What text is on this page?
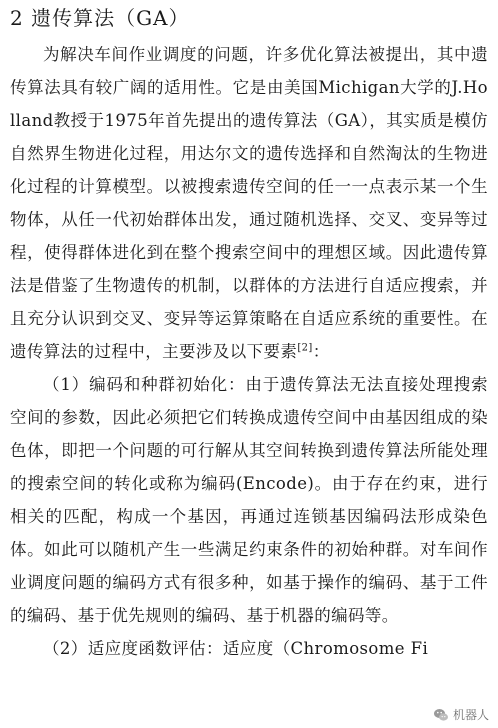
2 遗传算法（GA）

为解决车间作业调度的问题，许多优化算法被提出，其中遗传算法具有较广阔的适用性。它是由美国Michigan大学的J.Holland教授于1975年首先提出的遗传算法（GA），其实质是模仿自然界生物进化过程，用达尔文的遗传选择和自然淘汰的生物进化过程的计算模型。以被搜索遗传空间的任一一点表示某一个生物体，从任一代初始群体出发，通过随机选择、交叉、变异等过程，使得群体进化到在整个搜索空间中的理想区域。因此遗传算法是借鉴了生物遗传的机制，以群体的方法进行自适应搜索，并且充分认识到交叉、变异等运算策略在自适应系统的重要性。在遗传算法的过程中，主要涉及以下要素[2]：

（1）编码和种群初始化：由于遗传算法无法直接处理搜索空间的参数，因此必须把它们转换成遗传空间中由基因组成的染色体，即把一个问题的可行解从其空间转换到遗传算法所能处理的搜索空间的转化或称为编码(Encode)。由于存在约束，进行相关的匹配，构成一个基因，再通过连锁基因编码法形成染色体。如此可以随机产生一些满足约束条件的初始种群。对车间作业调度问题的编码方式有很多种，如基于操作的编码、基于工件的编码、基于优先规则的编码、基于机器的编码等。

（2）适应度函数评估：适应度（Chromosome Fi

机器人
